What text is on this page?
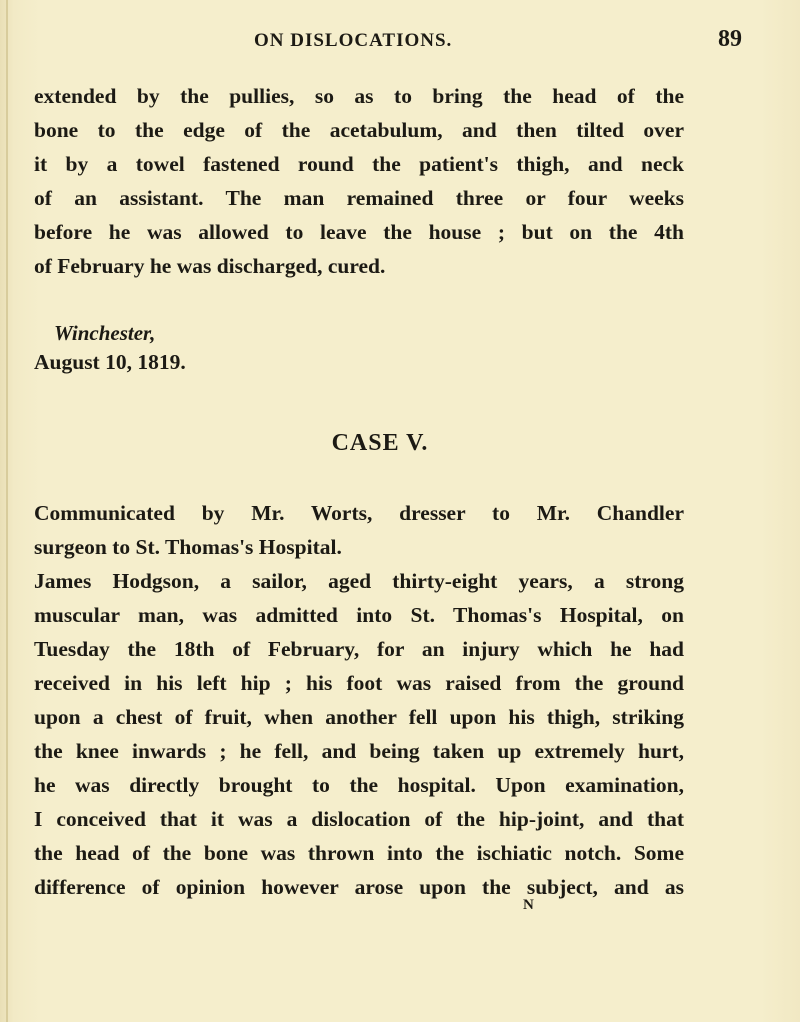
ON DISLOCATIONS.	89
extended by the pullies, so as to bring the head of the
bone to the edge of the acetabulum, and then tilted over
it by a towel fastened round the patient's thigh, and neck
of an assistant. The man remained three or four weeks
before he was allowed to leave the house ; but on the 4th
of February he was discharged, cured.
Winchester,
August 10, 1819.
CASE V.
Communicated by Mr. Worts, dresser to Mr. Chandler
surgeon to St. Thomas's Hospital.
James Hodgson, a sailor, aged thirty-eight years, a strong
muscular man, was admitted into St. Thomas's Hospital, on
Tuesday the 18th of February, for an injury which he had
received in his left hip ; his foot was raised from the ground
upon a chest of fruit, when another fell upon his thigh, striking
the knee inwards ; he fell, and being taken up extremely hurt,
he was directly brought to the hospital. Upon examination,
I conceived that it was a dislocation of the hip-joint, and that
the head of the bone was thrown into the ischiatic notch. Some
difference of opinion however arose upon the subject, and as
N
